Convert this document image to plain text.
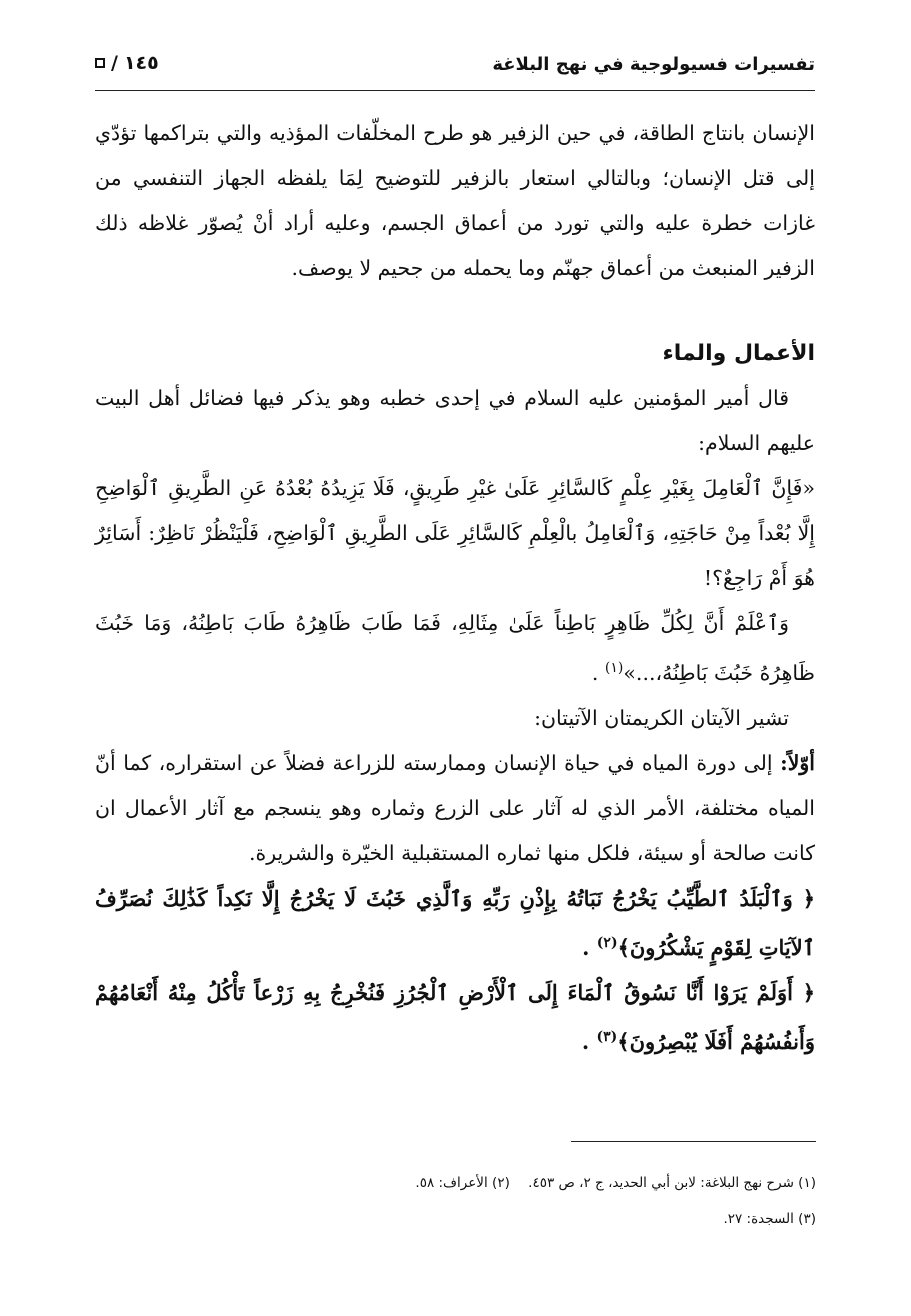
تفسيرات فسيولوجية في نهج البلاغة
/ ١٤٥

الإنسان بانتاج الطاقة، في حين الزفير هو طرح المخلّفات المؤذيه والتي بتراكمها تؤدّي إلى قتل الإنسان؛ وبالتالي استعار بالزفير للتوضيح لِمَا يلفظه الجهاز التنفسي من غازات خطرة عليه والتي تورد من أعماق الجسم، وعليه أراد أنْ يُصوّر غلاظه ذلك الزفير المنبعث من أعماق جهنّم وما يحمله من جحيم لا يوصف.

الأعمال والماء

قال أمير المؤمنين عليه السلام في إحدى خطبه وهو يذكر فيها فضائل أهل البيت عليهم السلام:

«فَإِنَّ ٱلْعَامِلَ بِغَيْرِ عِلْمٍ كَالسَّائِرِ عَلَىٰ غيْرِ طَرِيقٍ، فَلَا يَزِيدُهُ بُعْدُهُ عَنِ الطَّرِيقِ ٱلْوَاضِحِ إِلَّا بُعْداً مِنْ حَاجَتِهِ، وَٱلْعَامِلُ بالْعِلْمِ كَالسَّائِرِ عَلَى الطَّرِيقِ ٱلْوَاضِحِ، فَلْيَنْظُرْ نَاظِرٌ: أَسَائِرٌ هُوَ أَمْ رَاجِعٌ؟!

وَٱعْلَمْ أَنَّ لِكُلِّ ظَاهِرٍ بَاطِناً عَلَىٰ مِثَالِهِ، فَمَا طَابَ ظَاهِرُهُ طَابَ بَاطِنُهُ، وَمَا خَبُثَ ظَاهِرُهُ خَبُثَ بَاطِنُهُ،...»$^{(١)}$ .

تشير الآيتان الكريمتان الآتيتان:

أوّلاً: إلى دورة المياه في حياة الإنسان وممارسته للزراعة فضلاً عن استقراره، كما أنّ المياه مختلفة، الأمر الذي له آثار على الزرع وثماره وهو ينسجم مع آثار الأعمال ان كانت صالحة أو سيئة، فلكل منها ثماره المستقبلية الخيّرة والشريرة.

﴿ وَٱلْبَلَدُ ٱلطَّيِّبُ يَخْرُجُ نَبَاتُهُ بِإِذْنِ رَبِّهِ وَٱلَّذِي خَبُثَ لَا يَخْرُجُ إِلَّا نَكِداً كَذَٰلِكَ نُصَرِّفُ ٱلآيَاتِ لِقَوْمٍ يَشْكُرُونَ﴾$^{(٢)}$ .

﴿ أَوَلَمْ يَرَوْا أَنَّا نَسُوقُ ٱلْمَاءَ إِلَى ٱلْأَرْضِ ٱلْجُرُزِ فَنُخْرِجُ بِهِ زَرْعاً تَأْكُلُ مِنْهُ أَنْعَامُهُمْ وَأَنفُسُهُمْ أَفَلَا يُبْصِرُونَ﴾$^{(٣)}$ .

(١) شرح نهج البلاغة: لابن أبي الحديد، ج ٢، ص ٤٥٣. (٢) الأعراف: ٥٨.
(٣) السجدة: ٢٧.
